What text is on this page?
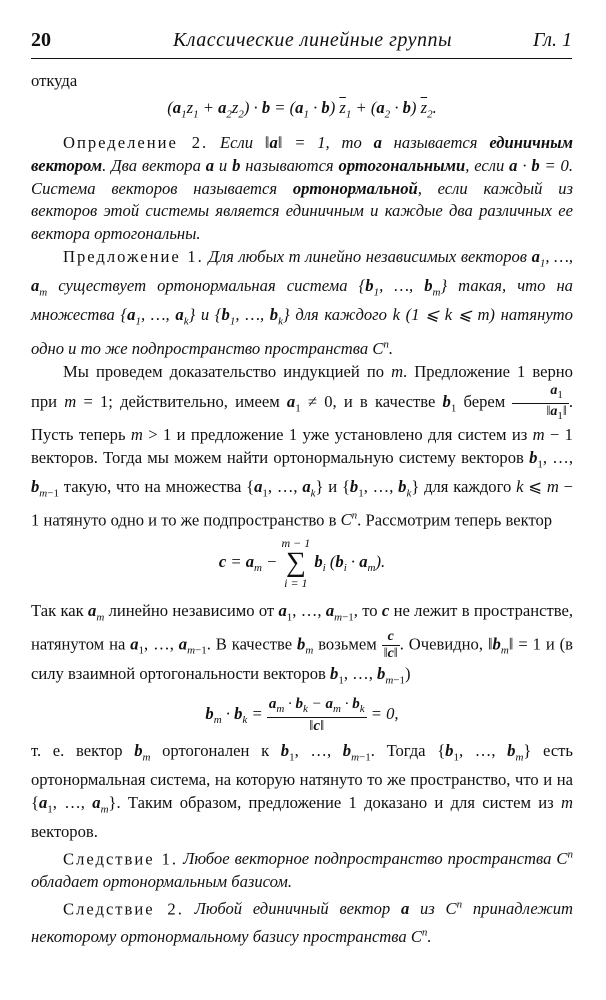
20	Классические линейные группы	Гл. 1

откуда

$(a_1z_1 + a_2z_2) \cdot b = (a_1 \cdot b) \overline{z}_1 + (a_2 \cdot b)$ $\overline{z}_2$.

Определение 2. Если ‖a‖ = 1, то a называется единичным вектором. Два вектора a и b называются ортогональными, если a · b = 0. Система векторов называется ортонормальной, если каждый из векторов этой системы является единичным и каждые два различных ее вектора ортогональны.

Предложение 1. Для любых m линейно независимых векторов $a_1$, …, $a_m$ существует ортонормальная система {$b_1$, …, $b_m$} такая, что на множества {$a_1$, …, $a_k$} и {$b_1$, …, $b_k$} для каждого k (1 ⩽ k ⩽ m) натянуто одно и то же подпространство пространства $C^n$.

Мы проведем доказательство индукцией по m. Предложение 1 верно при m = 1; действительно, имеем $a_1 \ne 0$, и в качестве $b_1$ берем $\frac{a_1}{‖a_1‖}$ . Пусть теперь m > 1 и предложение 1 уже установлено для систем из m − 1 векторов. Тогда мы можем найти ортонормальную систему векторов $b_1$, …, $b_{m-1}$ такую, что на множества {$a_1$, …, $a_k$} и {$b_1$, …, $b_k$} для каждого k ⩽ m − 1 натянуто одно и то же подпространство в $C^n$. Рассмотрим теперь вектор

$c = a_m - m - 1$
∑
i = 1 $b_i$ $(b_i \cdot a_m)$.

Так как $a_m$ линейно независимо от $a_1$, …, $a_{m-1}$, то c не лежит в пространстве, натянутом на $a_1$, …, $a_{m-1}$. В качестве $b_m$ возьмем $\frac{c}{‖c‖}$ . Очевидно, $‖b_m‖ = 1$ и (в силу взаимной ортогональности векторов $b_1$, …, $b_{m-1}$)

$b_m \cdot b_k = \frac{a_m \cdot b_k - a_m \cdot b_k}{‖c‖} = 0$,

т. е. вектор $b_m$ ортогонален к $b_1$, …, $b_{m-1}$. Тогда {$b_1$, …, $b_m$} есть ортонормальная система, на которую натянуто то же пространство, что и на {$a_1$, …, $a_m$}. Таким образом, предложение 1 доказано и для систем из m векторов.

Следствие 1. Любое векторное подпространство пространства $C^n$ обладает ортонормальным базисом.

Следствие 2. Любой единичный вектор a из $C^n$ принадлежит некоторому ортонормальному базису пространства $C^n$.
